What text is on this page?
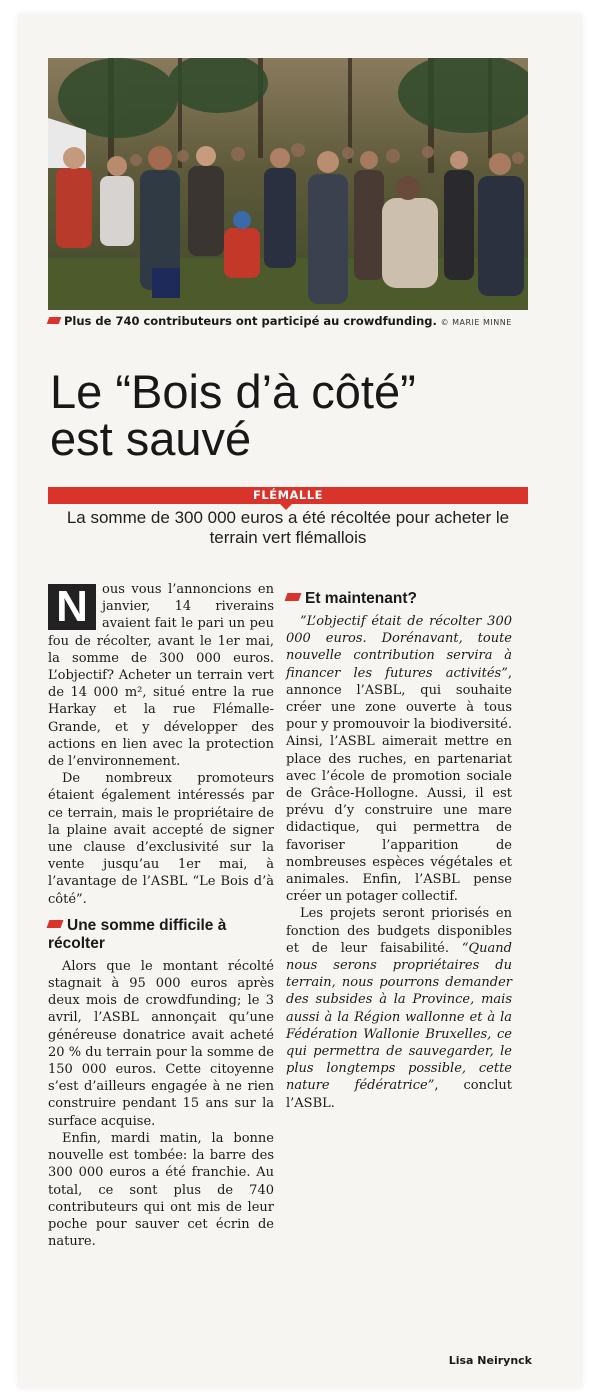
Plus de 740 contributeurs ont participé au crowdfunding. © MARIE MINNE
Le “Bois d’à côté”
est sauvé
FLÉMALLE
La somme de 300 000 euros a été récoltée pour acheter le terrain vert flémallois

N	ous vous l’annoncions en janvier, 14 riverains avaient fait le pari un peu fou de récolter, avant le 1er mai, la somme de 300 000 euros. L’objectif? Acheter un terrain vert de 14 000 m², situé entre la rue Harkay et la rue Flémalle-Grande, et y développer des actions en lien avec la protection de l’environnement.

De nombreux promoteurs étaient également intéressés par ce terrain, mais le propriétaire de la plaine avait accepté de signer une clause d’exclusivité sur la vente jusqu’au 1er mai, à l’avantage de l’ASBL “Le Bois d’à côté”.

Une somme difficile à récolter

Alors que le montant récolté stagnait à 95 000 euros après deux mois de crowdfunding; le 3 avril, l’ASBL annonçait qu’une généreuse donatrice avait acheté 20 % du terrain pour la somme de 150 000 euros. Cette citoyenne s’est d’ailleurs engagée à ne rien construire pendant 15 ans sur la surface acquise.

Enfin, mardi matin, la bonne nouvelle est tombée: la barre des 300 000 euros a été franchie. Au total, ce sont plus de 740 contributeurs qui ont mis de leur poche pour sauver cet écrin de nature.

Et maintenant?

”L’objectif était de récolter 300 000 euros. Dorénavant, toute nouvelle contribution servira à financer les futures activités”, annonce l’ASBL, qui souhaite créer une zone ouverte à tous pour y promouvoir la biodiversité. Ainsi, l’ASBL aimerait mettre en place des ruches, en partenariat avec l’école de promotion sociale de Grâce-Hollogne. Aussi, il est prévu d’y construire une mare didactique, qui permettra de favoriser l’apparition de nombreuses espèces végétales et animales. Enfin, l’ASBL pense créer un potager collectif.

Les projets seront priorisés en fonction des budgets disponibles et de leur faisabilité. “Quand nous serons propriétaires du terrain, nous pourrons demander des subsides à la Province, mais aussi à la Région wallonne et à la Fédération Wallonie Bruxelles, ce qui permettra de sauvegarder, le plus longtemps possible, cette nature fédératrice”, conclut l’ASBL.

Lisa Neirynck
